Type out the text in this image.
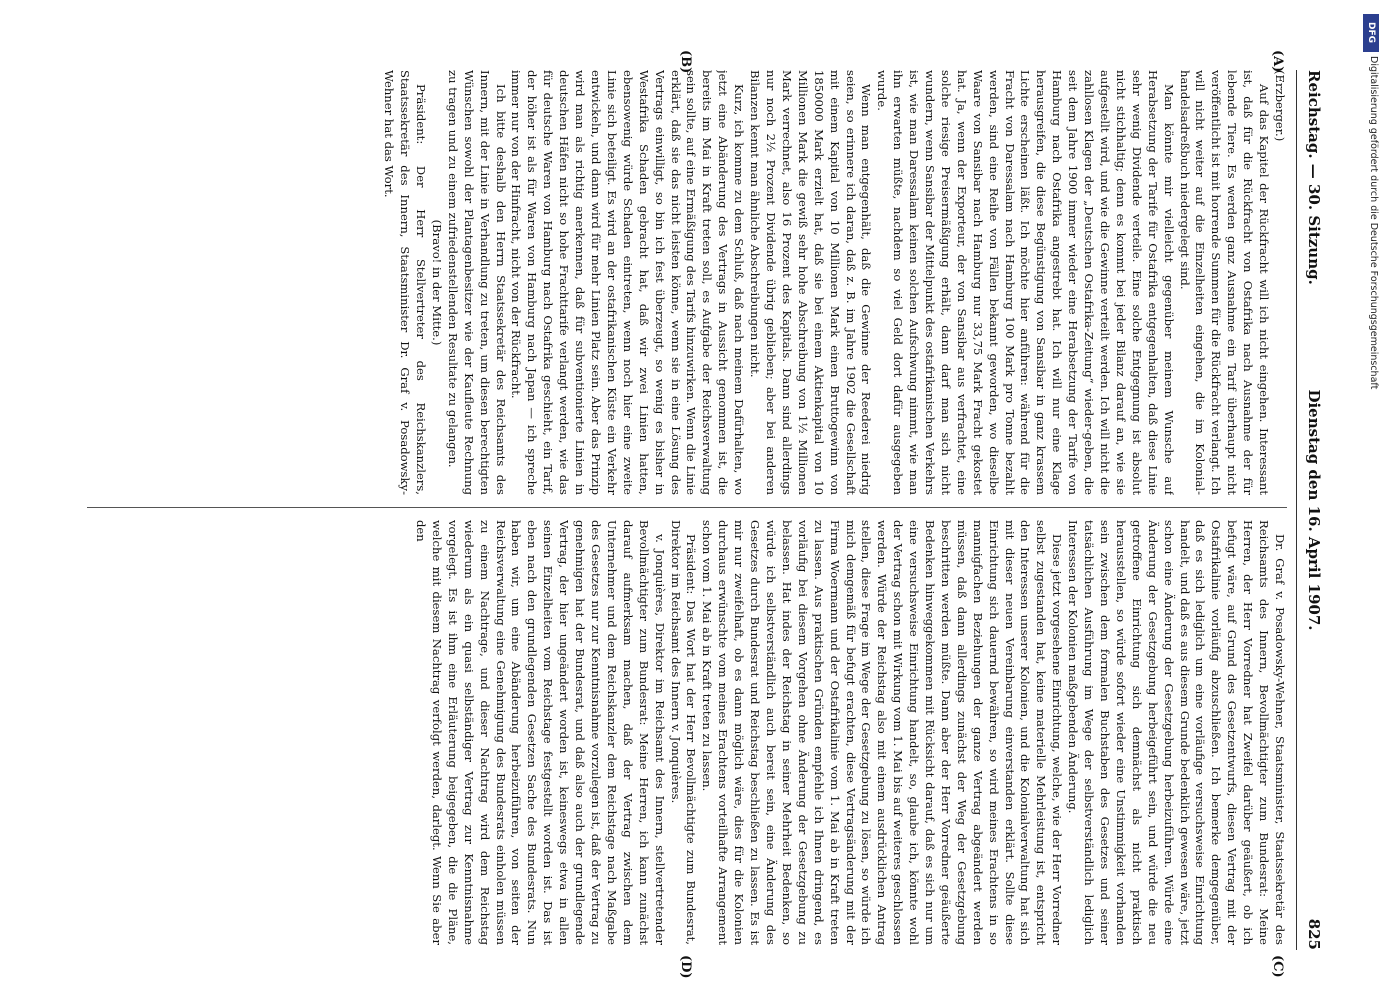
Reichstag. — 30. Sitzung.
Dienstag den 16. April 1907.
825
(A)
(B)
(C)
(D)

(Erzberger.)

Auf das Kapitel der Rückfracht will ich nicht eingehen. Interessant ist, daß für die Rückfracht von Ostafrika nach Ausnahme der für lebende Tiere. Es werden ganz Ausnahme ein Tarif überhaupt nicht veröffentlicht ist mit horrende Summen für die Rückfracht verlangt. Ich will nicht weiter auf die Einzelheiten eingehen, die im Kolonial-handelsadreßbuch niedergelegt sind.

Man könnte mir vielleicht gegenüber meinem Wunsche auf Herabsetzung der Tarife für Ostafrika entgegenhalten, daß diese Linie sehr wenig Dividende verteile. Eine solche Entgegnung ist absolut nicht stichhaltig; denn es kommt bei jeder Bilanz darauf an, wie sie aufgestellt wird, und wie die Gewinne verteilt werden. Ich will nicht die zahllosen Klagen der „Deutschen Ostafrika-Zeitung“ wieder-geben, die seit dem Jahre 1900 immer wieder eine Herabsetzung der Tarife von Hamburg nach Ostafrika angestrebt hat. Ich will nur eine Klage herausgreifen, die diese Begünstigung von Sansibar in ganz krassem Lichte erscheinen läßt. Ich möchte hier anführen: während für die Fracht von Daressalam nach Hamburg 100 Mark pro Tonne bezahlt werden, sind eine Reihe von Fällen bekannt geworden, wo dieselbe Waare von Sansibar nach Hamburg nur 33,75 Mark Fracht gekostet hat. Ja, wenn der Exporteur, der von Sansibar aus verfrachtet, eine solche riesige Preisermäßigung erhält, dann darf man sich nicht wundern, wenn Sansibar der Mittelpunkt des ostafrikanischen Verkehrs ist, wie man Daressalam keinen solchen Aufschwung nimmt, wie man ihn erwarten müßte, nachdem so viel Geld dort dafür ausgegeben wurde.

Wenn man entgegenhält, daß die Gewinne der Reederei niedrig seien, so erinnere ich daran, daß z. B. im Jahre 1902 die Gesellschaft mit einem Kapital von 10 Millionen Mark einen Bruttogewinn von 1850000 Mark erzielt hat, daß sie bei einem Aktienkapital von 10 Millionen Mark die gewiß sehr hohe Abschreibung von 1½ Millionen Mark verrechnet, also 16 Prozent des Kapitals. Dann sind allerdings nur noch 2½ Prozent Dividende übrig geblieben; aber bei anderen Bilanzen kennt man ähnliche Abschreibungen nicht.

Kurz, ich komme zu dem Schluß, daß nach meinem Dafürhalten, wo jetzt eine Abänderung des Vertrags in Aussicht genommen ist, die bereits im Mai in Kraft treten soll, es Aufgabe der Reichsverwaltung sein sollte, auf eine Ermäßigung des Tarifs hinzuwirken. Wenn die Linie erklärt, daß sie das nicht leisten könne, wenn sie in eine Lösung des Vertrags einwilligt, so bin ich fest überzeugt, so wenig es bisher in Westafrika Schaden gebracht hat, daß wir zwei Linien hatten, ebensowenig würde Schaden eintreten, wenn noch hier eine zweite Linie sich beteiligt. Es wird an der ostafrikanischen Küste ein Verkehr entwickeln, und dann wird für mehr Linien Platz sein. Aber das Prinzip wird man als richtig anerkennen, daß für subventionierte Linien in deutschen Häfen nicht so hohe Frachttarife verlangt werden, wie das für deutsche Waren von Hamburg nach Ostafrika geschieht, ein Tarif, der höher ist als für Waren von Hamburg nach Japan — ich spreche immer nur von der Hinfracht, nicht von der Rückfracht.

Ich bitte deshalb den Herrn Staatssekretär des Reichsamts des Innern, mit der Linie in Verhandlung zu treten, um diesen berechtigten Wünschen sowohl der Plantagenbesitzer wie der Kaufleute Rechnung zu tragen und zu einem zufriedenstellenden Resultate zu gelangen.

(Bravo! in der Mitte.)

Präsident: Der Herr Stellvertreter des Reichskanzlers, Staatssekretär des Innern, Staatsminister Dr. Graf v. Posadowsky-Wehner hat das Wort.

Dr. Graf v. Posadowsky-Wehner, Staatsminister, Staatssekretär des Reichsamts des Innern, Bevollmächtigter zum Bundesrat: Meine Herren, der Herr Vorredner hat Zweifel darüber geäußert, ob ich befugt wäre, auf Grund des Gesetzentwurfs, diesen Vertrag mit der Ostafrikalinie vorläufig abzuschließen. Ich bemerke demgegenüber, daß es sich lediglich um eine vorläufige versuchsweise Einrichtung handelt, und daß es aus diesem Grunde bedenklich gewesen wäre, jetzt schon eine Änderung der Gesetzgebung herbeizuführen. Würde eine Änderung der Gesetzgebung herbeigeführt sein, und würde die neu getroffene Einrichtung sich demnächst als nicht praktisch herausstellen, so würde sofort wieder eine Unstimmigkeit vorhanden sein zwischen dem formalen Buchstaben des Gesetzes und seiner tatsächlichen Ausführung im Wege der selbstverständlich lediglich Interessen der Kolonien maßgebenden Änderung.

Diese jetzt vorgesehene Einrichtung, welche, wie der Herr Vorredner selbst zugestanden hat, keine materielle Mehrleistung ist, entspricht den Interessen unserer Kolonien, und die Kolonialverwaltung hat sich mit dieser neuen Vereinbarung einverstanden erklärt. Sollte diese Einrichtung sich dauernd bewähren, so wird meines Erachtens in so mannigfachen Beziehungen der ganze Vertrag abgeändert werden müssen, daß dann allerdings zunächst der Weg der Gesetzgebung beschritten werden müßte. Dann aber der Herr Vorredner geäußerte Bedenken hinweggekommen mit Rücksicht darauf, daß es sich nur um eine versuchsweise Einrichtung handelt, so, glaube ich, könnte wohl der Vertrag schon mit Wirkung vom 1. Mai bis auf weiteres geschlossen werden. Würde der Reichstag also mit einem ausdrücklichen Antrag stellen, diese Frage im Wege der Gesetzgebung zu lösen, so würde ich mich demgemäß für befugt erachten, diese Vertragsänderung mit der Firma Woermann und der Ostafrikalinie vom 1. Mai ab in Kraft treten zu lassen. Aus praktischen Gründen empfehle ich Ihnen dringend, es vorläufig bei diesem Vorgehen ohne Änderung der Gesetzgebung zu belassen. Hat indes der Reichstag in seiner Mehrheit Bedenken, so würde ich selbstverständlich auch bereit sein, eine Änderung des Gesetzes durch Bundesrat und Reichstag beschließen zu lassen. Es ist mir nur zweifelhaft, ob es dann möglich wäre, dies für die Kolonien durchaus erwünschte vom meines Erachtens vorteilhafte Arrangement schon vom 1. Mai ab in Kraft treten zu lassen.

Präsident: Das Wort hat der Herr Bevollmächtigte zum Bundesrat, Direktor im Reichsamt des Innern v. Jonquières.

v. Jonquières, Direktor im Reichsamt des Innern, stellvertretender Bevollmächtigter zum Bundesrat: Meine Herren, ich kann zunächst darauf aufmerksam machen, daß der Vertrag zwischen dem Unternehmer und dem Reichskanzler dem Reichstage nach Maßgabe des Gesetzes nur zur Kenntnisnahme vorzulegen ist, daß der Vertrag zu genehmigen hat der Bundesrat, und daß also auch der grundlegende Vertrag, der hier ungeändert worden ist, keineswegs etwa in allen seinen Einzelheiten vom Reichstage festgestellt worden ist. Das ist eben nach den grundlegenden Gesetzen Sache des Bundesrats. Nun haben wir, um eine Abänderung herbeizuführen, von seiten der Reichsverwaltung eine Genehmigung des Bundesrats einholen müssen zu einem Nachtrage, und dieser Nachtrag wird dem Reichstag wiederum als ein quasi selbständiger Vertrag zur Kenntnisnahme vorgelegt. Es ist ihm eine Erläuterung beigegeben, die die Pläne, welche mit diesem Nachtrag verfolgt werden, darlegt. Wenn Sie aber den

DFG
Digitalisierung gefördert durch die Deutsche Forschungsgemeinschaft
